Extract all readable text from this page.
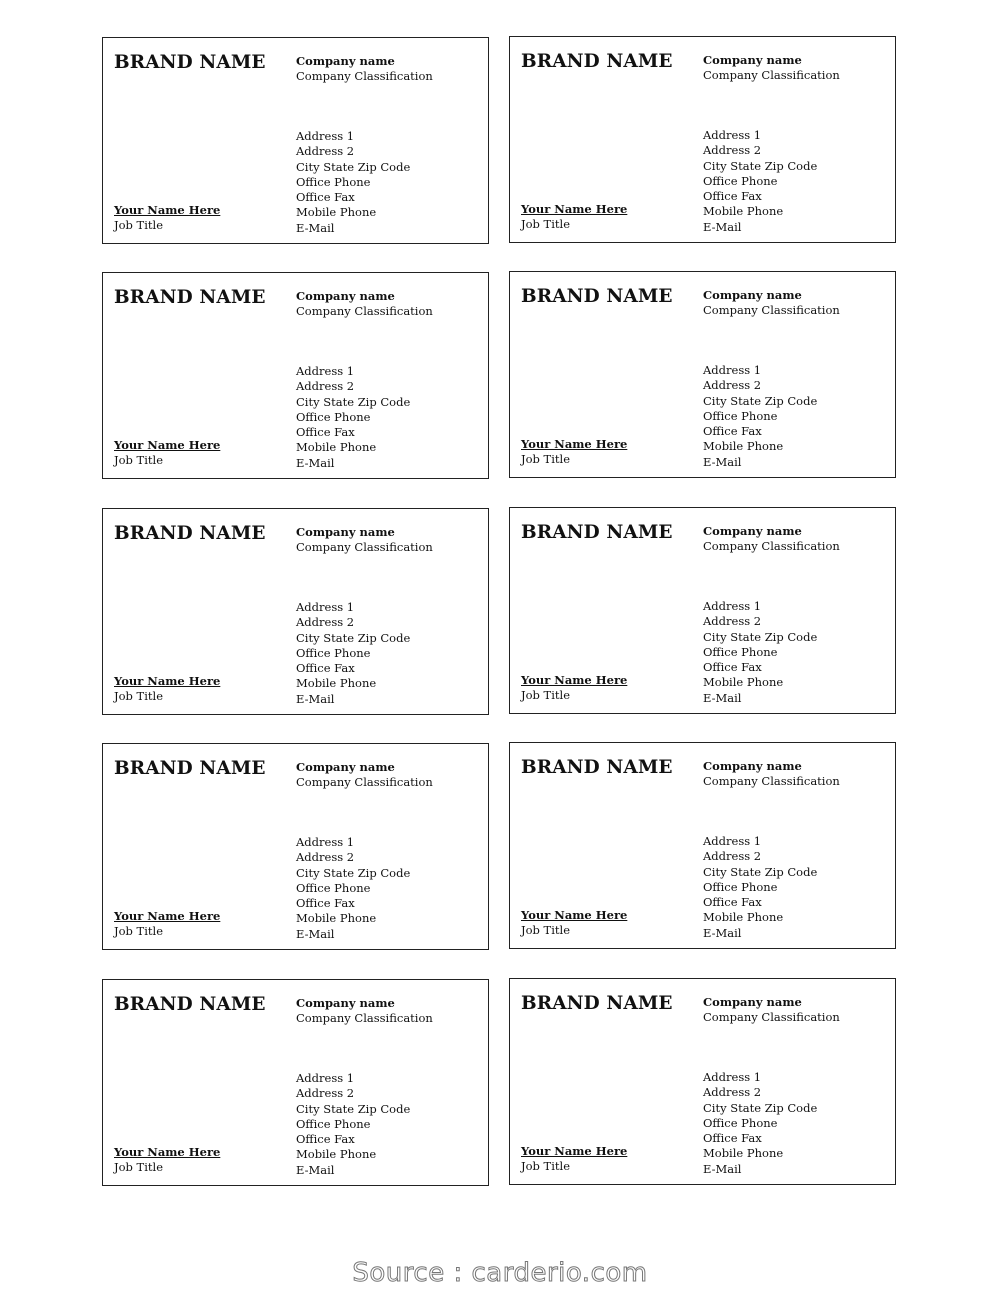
BRAND NAME	Company name
Company Classification
Address 1
Address 2
City State Zip Code
Office Phone
Office Fax
Mobile Phone
E-Mail
Your Name Here
Job Title
BRAND NAME	Company name
Company Classification
Address 1
Address 2
City State Zip Code
Office Phone
Office Fax
Mobile Phone
E-Mail
Your Name Here
Job Title
BRAND NAME	Company name
Company Classification
Address 1
Address 2
City State Zip Code
Office Phone
Office Fax
Mobile Phone
E-Mail
Your Name Here
Job Title
BRAND NAME	Company name
Company Classification
Address 1
Address 2
City State Zip Code
Office Phone
Office Fax
Mobile Phone
E-Mail
Your Name Here
Job Title
BRAND NAME	Company name
Company Classification
Address 1
Address 2
City State Zip Code
Office Phone
Office Fax
Mobile Phone
E-Mail
Your Name Here
Job Title
BRAND NAME	Company name
Company Classification
Address 1
Address 2
City State Zip Code
Office Phone
Office Fax
Mobile Phone
E-Mail
Your Name Here
Job Title
BRAND NAME	Company name
Company Classification
Address 1
Address 2
City State Zip Code
Office Phone
Office Fax
Mobile Phone
E-Mail
Your Name Here
Job Title
BRAND NAME	Company name
Company Classification
Address 1
Address 2
City State Zip Code
Office Phone
Office Fax
Mobile Phone
E-Mail
Your Name Here
Job Title
BRAND NAME	Company name
Company Classification
Address 1
Address 2
City State Zip Code
Office Phone
Office Fax
Mobile Phone
E-Mail
Your Name Here
Job Title
BRAND NAME	Company name
Company Classification
Address 1
Address 2
City State Zip Code
Office Phone
Office Fax
Mobile Phone
E-Mail
Your Name Here
Job Title
Source : carderio.com
